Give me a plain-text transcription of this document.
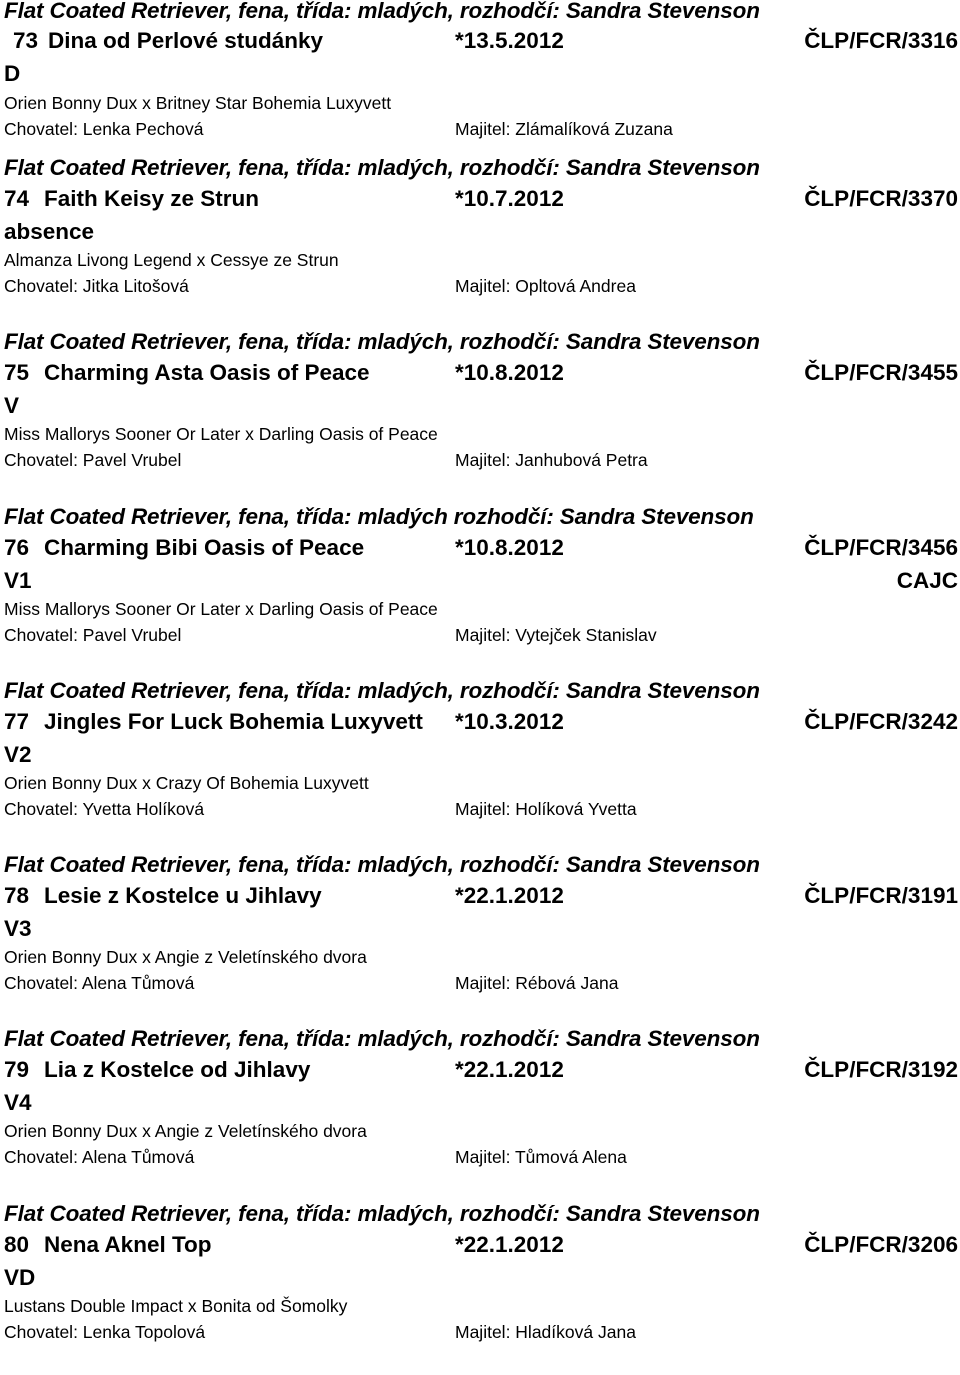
Flat Coated Retriever, fena, třída: mladých, rozhodčí: Sandra Stevenson
73 Dina od Perlové studánky	*13.5.2012	ČLP/FCR/3316
D
Orien Bonny Dux x Britney Star Bohemia Luxyvett
Chovatel: Lenka Pechová	Majitel: Zlámalíková Zuzana
Flat Coated Retriever, fena, třída: mladých, rozhodčí: Sandra Stevenson
74 Faith Keisy ze Strun	*10.7.2012	ČLP/FCR/3370
absence
Almanza Livong Legend x Cessye ze Strun
Chovatel: Jitka Litošová	Majitel: Opltová Andrea
Flat Coated Retriever, fena, třída: mladých, rozhodčí: Sandra Stevenson
75 Charming Asta Oasis of Peace	*10.8.2012	ČLP/FCR/3455
V
Miss Mallorys Sooner Or Later x Darling Oasis of Peace
Chovatel: Pavel Vrubel	Majitel: Janhubová Petra
Flat Coated Retriever, fena, třída: mladých rozhodčí: Sandra Stevenson
76 Charming Bibi Oasis of Peace	*10.8.2012	ČLP/FCR/3456
V1	CAJC
Miss Mallorys Sooner Or Later x Darling Oasis of Peace
Chovatel: Pavel Vrubel	Majitel: Vytejček Stanislav
Flat Coated Retriever, fena, třída: mladých, rozhodčí: Sandra Stevenson
77 Jingles For Luck Bohemia Luxyvett *10.3.2012	ČLP/FCR/3242
V2
Orien Bonny Dux x Crazy Of Bohemia Luxyvett
Chovatel: Yvetta Holíková	Majitel: Holíková Yvetta
Flat Coated Retriever, fena, třída: mladých, rozhodčí: Sandra Stevenson
78 Lesie z Kostelce u Jihlavy	*22.1.2012	ČLP/FCR/3191
V3
Orien Bonny Dux x Angie z Veletínského dvora
Chovatel: Alena Tůmová	Majitel: Rébová Jana
Flat Coated Retriever, fena, třída: mladých, rozhodčí: Sandra Stevenson
79 Lia z Kostelce od Jihlavy	*22.1.2012	ČLP/FCR/3192
V4
Orien Bonny Dux x Angie z Veletínského dvora
Chovatel: Alena Tůmová	Majitel: Tůmová Alena
Flat Coated Retriever, fena, třída: mladých, rozhodčí: Sandra Stevenson
80 Nena Aknel Top	*22.1.2012	ČLP/FCR/3206
VD
Lustans Double Impact x Bonita od Šomolky
Chovatel: Lenka Topolová	Majitel: Hladíková Jana
